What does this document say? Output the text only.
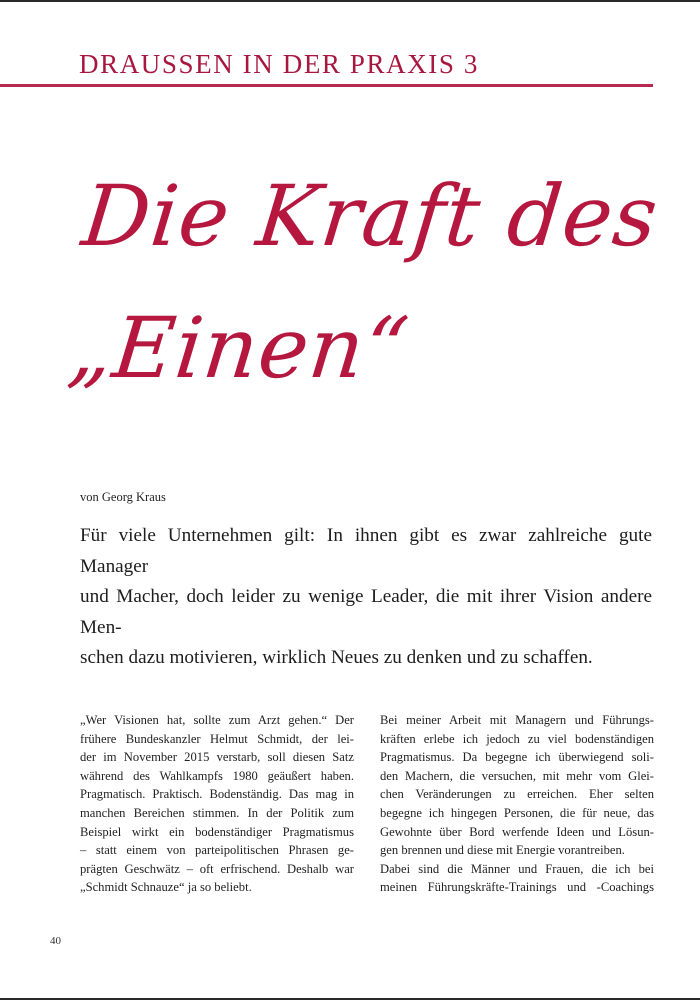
DRAUSSEN IN DER PRAXIS 3
Die Kraft des
„Einen“
von Georg Kraus
Für viele Unternehmen gilt: In ihnen gibt es zwar zahlreiche gute Manager
und Macher, doch leider zu wenige Leader, die mit ihrer Vision andere Men-
schen dazu motivieren, wirklich Neues zu denken und zu schaffen.
„Wer Visionen hat, sollte zum Arzt gehen.“ Der
frühere Bundeskanzler Helmut Schmidt, der lei-
der im November 2015 verstarb, soll diesen Satz
während des Wahlkampfs 1980 geäußert haben.
Pragmatisch. Praktisch. Bodenständig. Das mag in
manchen Bereichen stimmen. In der Politik zum
Beispiel wirkt ein bodenständiger Pragmatismus
– statt einem von parteipolitischen Phrasen ge-
prägten Geschwätz – oft erfrischend. Deshalb war
„Schmidt Schnauze“ ja so beliebt.
Bei meiner Arbeit mit Managern und Führungs-
kräften erlebe ich jedoch zu viel bodenständigen
Pragmatismus. Da begegne ich überwiegend soli-
den Machern, die versuchen, mit mehr vom Glei-
chen Veränderungen zu erreichen. Eher selten
begegne ich hingegen Personen, die für neue, das
Gewohnte über Bord werfende Ideen und Lösun-
gen brennen und diese mit Energie vorantreiben.
Dabei sind die Männer und Frauen, die ich bei
meinen Führungskräfte-Trainings und -Coachings
40
